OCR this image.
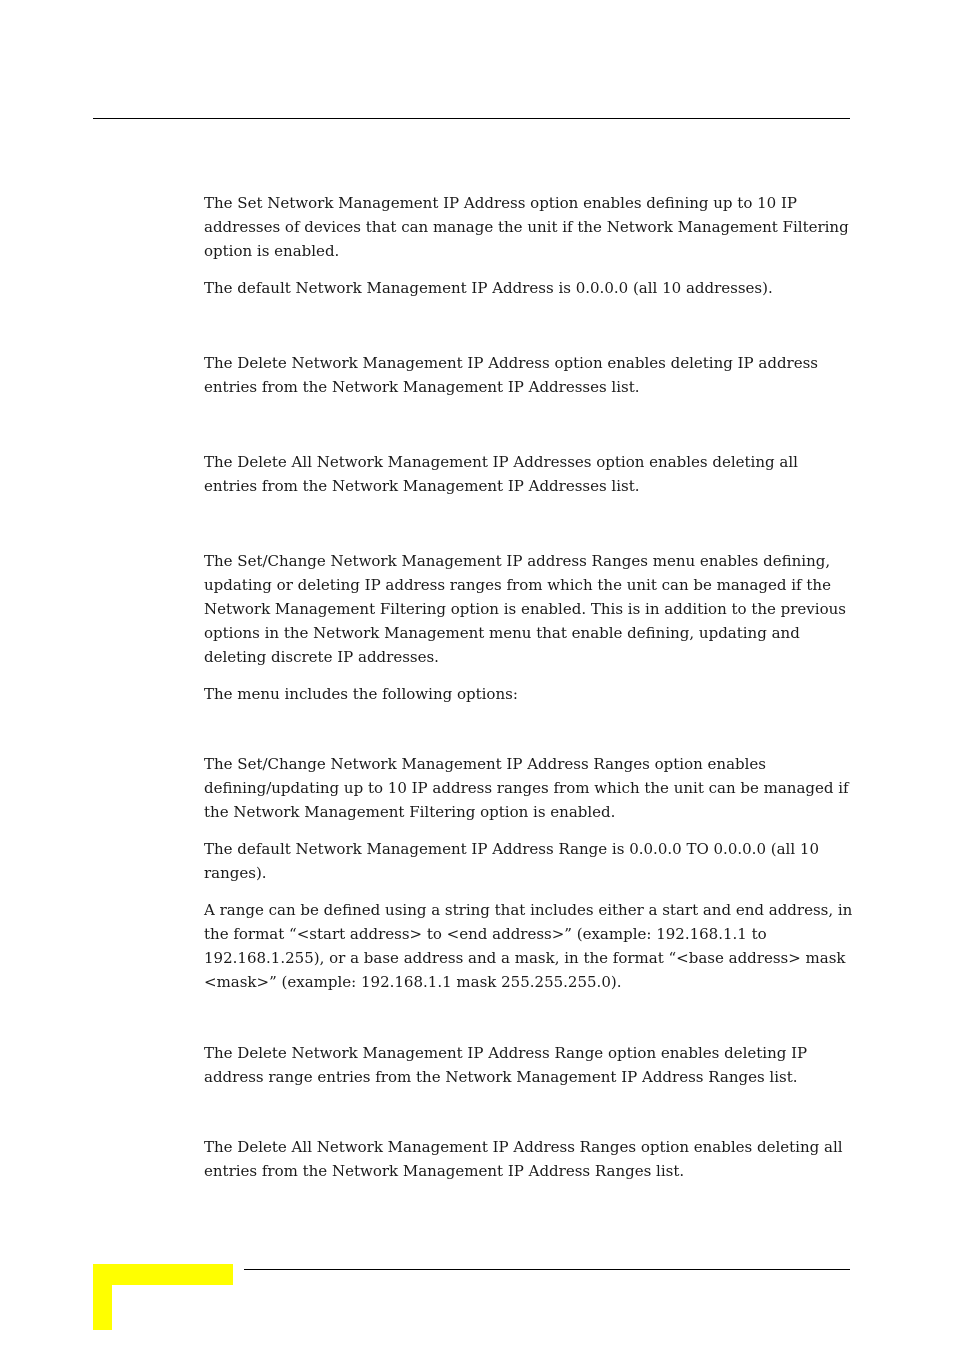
The Set Network Management IP Address option enables defining up to 10 IP addresses of devices that can manage the unit if the Network Management Filtering option is enabled.

The default Network Management IP Address is 0.0.0.0 (all 10 addresses).

The Delete Network Management IP Address option enables deleting IP address entries from the Network Management IP Addresses list.

The Delete All Network Management IP Addresses option enables deleting all entries from the Network Management IP Addresses list.

The Set/Change Network Management IP address Ranges menu enables defining, updating or deleting IP address ranges from which the unit can be managed if the Network Management Filtering option is enabled. This is in addition to the previous options in the Network Management menu that enable defining, updating and deleting discrete IP addresses.

The menu includes the following options:

The Set/Change Network Management IP Address Ranges option enables defining/updating up to 10 IP address ranges from which the unit can be managed if the Network Management Filtering option is enabled.

The default Network Management IP Address Range is 0.0.0.0 TO 0.0.0.0 (all 10 ranges).

A range can be defined using a string that includes either a start and end address, in the format “<start address> to <end address>” (example: 192.168.1.1 to 192.168.1.255), or a base address and a mask, in the format “<base address> mask <mask>” (example: 192.168.1.1 mask 255.255.255.0).

The Delete Network Management IP Address Range option enables deleting IP address range entries from the Network Management IP Address Ranges list.

The Delete All Network Management IP Address Ranges option enables deleting all entries from the Network Management IP Address Ranges list.
